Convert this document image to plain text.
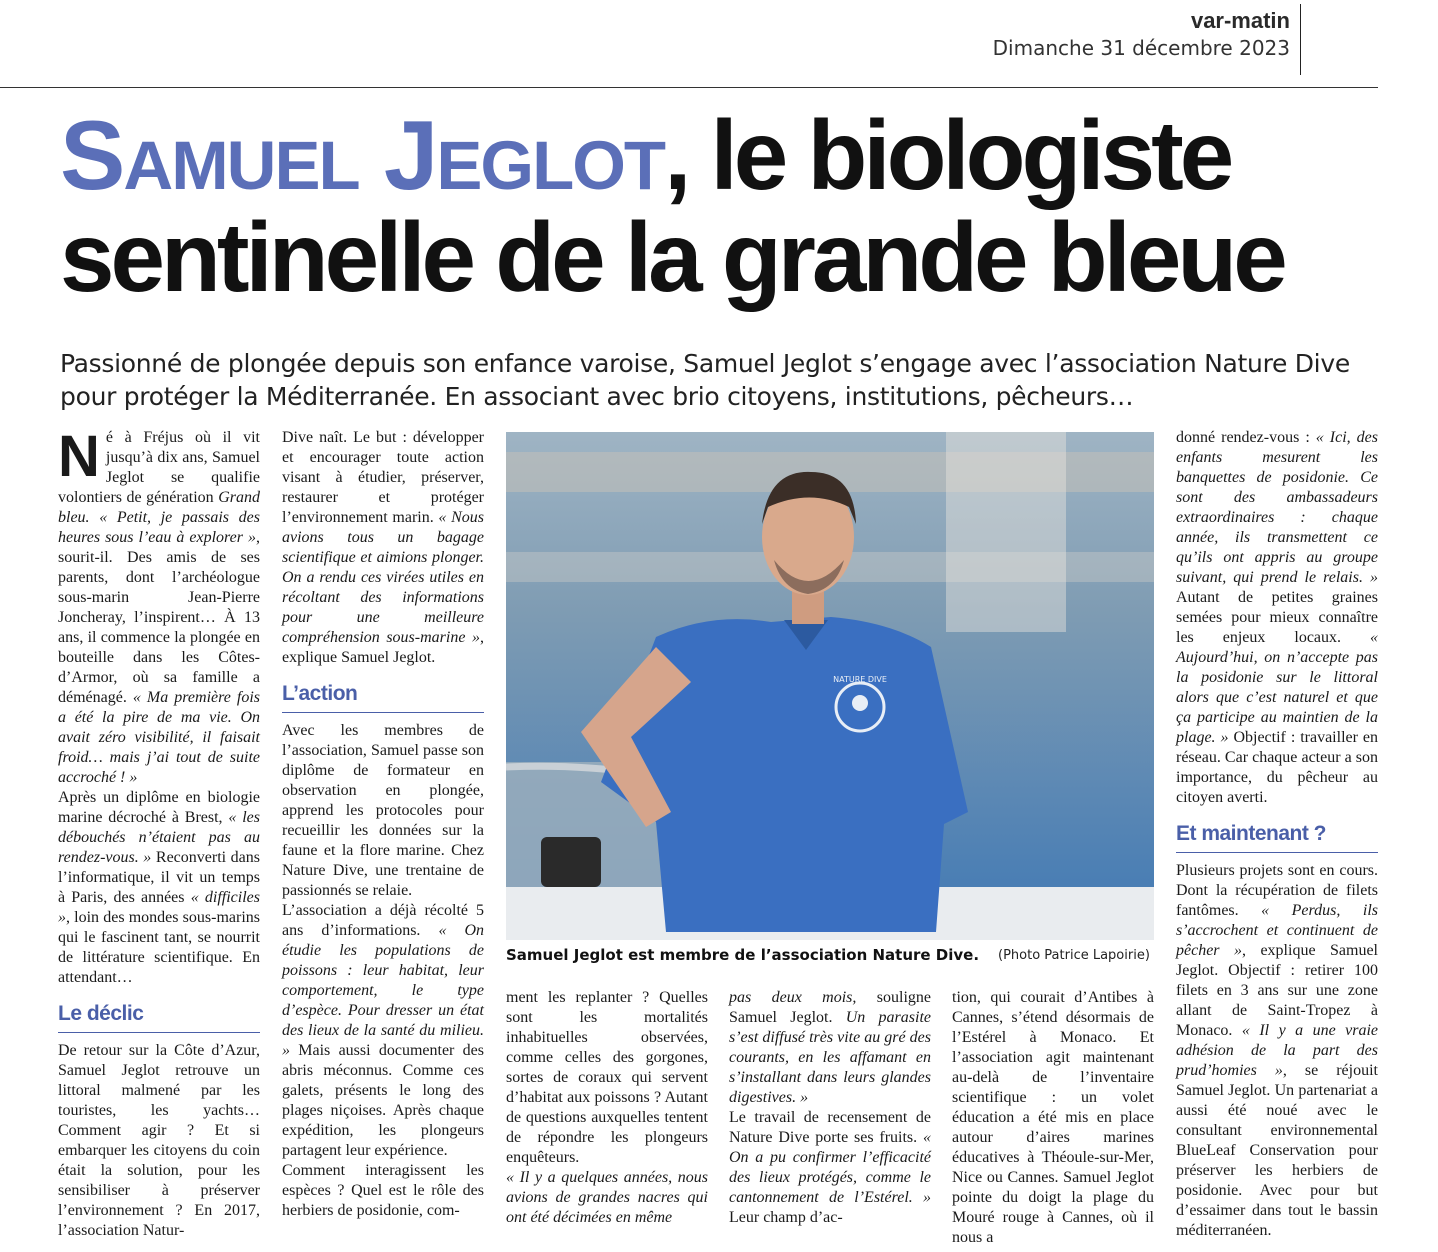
var-matin
Dimanche 31 décembre 2023
Samuel Jeglot, le biologiste sentinelle de la grande bleue

Passionné de plongée depuis son enfance varoise, Samuel Jeglot s’engage avec l’association Nature Dive pour protéger la Méditerranée. En associant avec brio citoyens, institutions, pêcheurs…

Né à Fréjus où il vit jusqu’à dix ans, Samuel Jeglot se qualifie volontiers de génération Grand bleu. « Petit, je passais des heures sous l’eau à explorer », sourit-il. Des amis de ses parents, dont l’archéologue sous-marin Jean-Pierre Joncheray, l’inspirent… À 13 ans, il commence la plongée en bouteille dans les Côtes-d’Armor, où sa famille a déménagé. « Ma première fois a été la pire de ma vie. On avait zéro visibilité, il faisait froid… mais j’ai tout de suite accroché ! »

Après un diplôme en biologie marine décroché à Brest, « les débouchés n’étaient pas au rendez-vous. » Reconverti dans l’informatique, il vit un temps à Paris, des années « difficiles », loin des mondes sous-marins qui le fascinent tant, se nourrit de littérature scientifique. En attendant…

Le déclic

De retour sur la Côte d’Azur, Samuel Jeglot retrouve un littoral malmené par les touristes, les yachts… Comment agir ? Et si embarquer les citoyens du coin était la solution, pour les sensibiliser à préserver l’environnement ? En 2017, l’association Natur-

Dive naît. Le but : développer et encourager toute action visant à étudier, préserver, restaurer et protéger l’environnement marin. « Nous avions tous un bagage scientifique et aimions plonger. On a rendu ces virées utiles en récoltant des informations pour une meilleure compréhension sous-marine », explique Samuel Jeglot.

L’action

Avec les membres de l’association, Samuel passe son diplôme de formateur en observation en plongée, apprend les protocoles pour recueillir les données sur la faune et la flore marine. Chez Nature Dive, une trentaine de passionnés se relaie.

L’association a déjà récolté 5 ans d’informations. « On étudie les populations de poissons : leur habitat, leur comportement, le type d’espèce. Pour dresser un état des lieux de la santé du milieu. » Mais aussi documenter des abris méconnus. Comme ces galets, présents le long des plages niçoises. Après chaque expédition, les plongeurs partagent leur expérience.

Comment interagissent les espèces ? Quel est le rôle des herbiers de posidonie, com-

NATURE DIVE
Samuel Jeglot est membre de l’association Nature Dive. (Photo Patrice Lapoirie)

ment les replanter ? Quelles sont les mortalités inhabituelles observées, comme celles des gorgones, sortes de coraux qui servent d’habitat aux poissons ? Autant de questions auxquelles tentent de répondre les plongeurs enquêteurs.

« Il y a quelques années, nous avions de grandes nacres qui ont été décimées en même

pas deux mois, souligne Samuel Jeglot. Un parasite s’est diffusé très vite au gré des courants, en les affamant en s’installant dans leurs glandes digestives. »

Le travail de recensement de Nature Dive porte ses fruits. « On a pu confirmer l’efficacité des lieux protégés, comme le cantonnement de l’Estérel. » Leur champ d’ac-

tion, qui courait d’Antibes à Cannes, s’étend désormais de l’Estérel à Monaco. Et l’association agit maintenant au-delà de l’inventaire scientifique : un volet éducation a été mis en place autour d’aires marines éducatives à Théoule-sur-Mer, Nice ou Cannes. Samuel Jeglot pointe du doigt la plage du Mouré rouge à Cannes, où il nous a

donné rendez-vous : « Ici, des enfants mesurent les banquettes de posidonie. Ce sont des ambassadeurs extraordinaires : chaque année, ils transmettent ce qu’ils ont appris au groupe suivant, qui prend le relais. » Autant de petites graines semées pour mieux connaître les enjeux locaux. « Aujourd’hui, on n’accepte pas la posidonie sur le littoral alors que c’est naturel et que ça participe au maintien de la plage. » Objectif : travailler en réseau. Car chaque acteur a son importance, du pêcheur au citoyen averti.

Et maintenant ?

Plusieurs projets sont en cours. Dont la récupération de filets fantômes. « Perdus, ils s’accrochent et continuent de pêcher », explique Samuel Jeglot. Objectif : retirer 100 filets en 3 ans sur une zone allant de Saint-Tropez à Monaco. « Il y a une vraie adhésion de la part des prud’homies », se réjouit Samuel Jeglot. Un partenariat a aussi été noué avec le consultant environnemental BlueLeaf Conservation pour préserver les herbiers de posidonie. Avec pour but d’essaimer dans tout le bassin méditerranéen.
